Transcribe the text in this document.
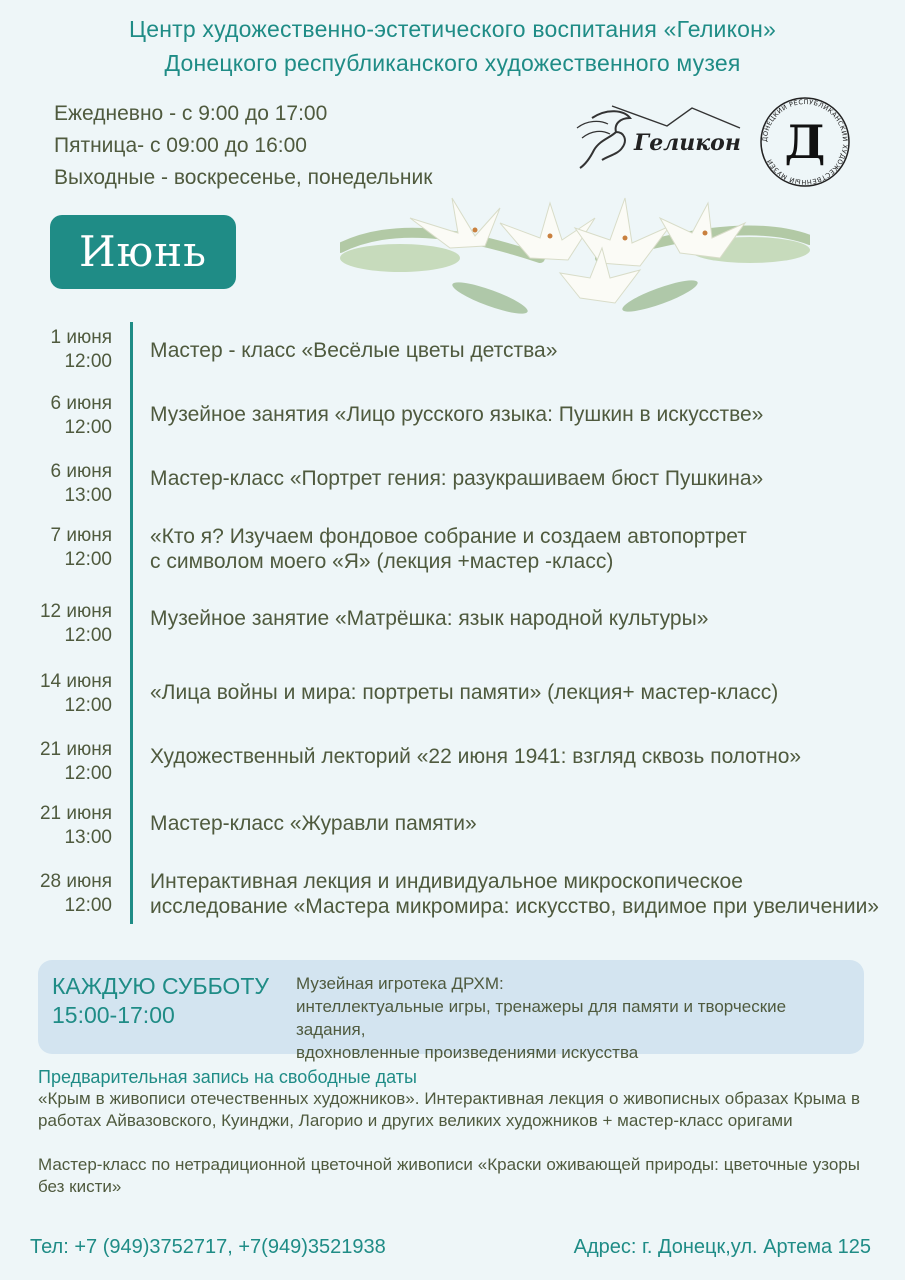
Центр художественно-эстетического воспитания «Геликон»
Донецкого республиканского художественного музея
Ежедневно - с 9:00 до 17:00
Пятница- с 09:00 до 16:00
Выходные - воскресенье, понедельник
Геликон	ДОНЕЦКИЙ РЕСПУБЛИКАНСКИЙ ХУДОЖЕСТВЕННЫЙ МУЗЕЙ Д
Июнь
1 июня
12:00 Мастер - класс «Весёлые цветы детства»
6 июня
12:00
Музейное занятия «Лицо русского языка: Пушкин в искусстве»
6 июня
13:00
Мастер-класс «Портрет гения: разукрашиваем бюст Пушкина»
7 июня
12:00
«Кто я? Изучаем фондовое собрание и создаем автопортрет
с символом моего «Я» (лекция +мастер -класс)
12 июня
12:00
Музейное занятие «Матрёшка: язык народной культуры»
14 июня
12:00
«Лица войны и мира: портреты памяти» (лекция+ мастер-класс)
21 июня
12:00
Художественный лекторий «22 июня 1941: взгляд сквозь полотно»
21 июня
13:00
Мастер-класс «Журавли памяти»
28 июня
12:00
Интерактивная лекция и индивидуальное микроскопическое
исследование «Мастера микромира: искусство, видимое при увеличении»
КАЖДУЮ СУББОТУ
15:00-17:00
Музейная игротека ДРХМ:
интеллектуальные игры, тренажеры для памяти и творческие задания,
вдохновленные произведениями искусства
Предварительная запись на свободные даты
«Крым в живописи отечественных художников». Интерактивная лекция о живописных образах Крыма в работах Айвазовского, Куинджи, Лагорио и других великих художников + мастер-класс оригами
Мастер-класс по нетрадиционной цветочной живописи «Краски оживающей природы: цветочные узоры без кисти»
Тел: +7 (949)3752717, +7(949)3521938	Адрес: г. Донецк,ул. Артема 125
